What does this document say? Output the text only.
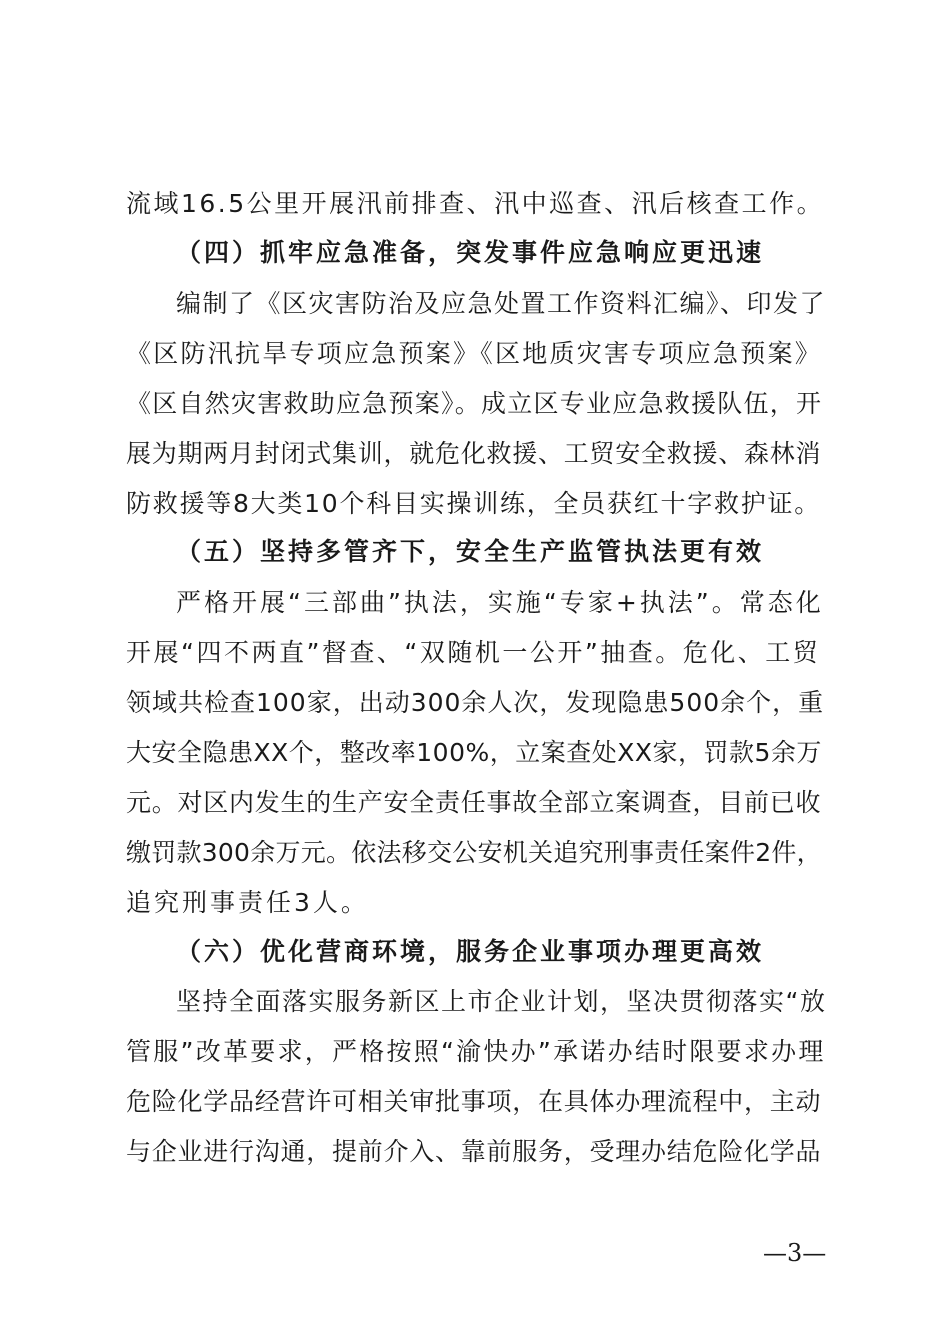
流域16.5公里开展汛前排查、汛中巡查、汛后核查工作。
（四）抓牢应急准备，突发事件应急响应更迅速
编制了《区灾害防治及应急处置工作资料汇编》、印发了
《区防汛抗旱专项应急预案》《区地质灾害专项应急预案》
《区自然灾害救助应急预案》。成立区专业应急救援队伍，开
展为期两月封闭式集训，就危化救援、工贸安全救援、森林消
防救援等8大类10个科目实操训练，全员获红十字救护证。
（五）坚持多管齐下，安全生产监管执法更有效
严格开展“三部曲”执法，实施“专家+执法”。常态化
开展“四不两直”督查、“双随机一公开”抽查。危化、工贸
领域共检查100家，出动300余人次，发现隐患500余个，重
大安全隐患XX个，整改率100%，立案查处XX家，罚款5余万
元。对区内发生的生产安全责任事故全部立案调查，目前已收
缴罚款300余万元。依法移交公安机关追究刑事责任案件2件，
追究刑事责任3人。
（六）优化营商环境，服务企业事项办理更高效
坚持全面落实服务新区上市企业计划，坚决贯彻落实“放
管服”改革要求，严格按照“渝快办”承诺办结时限要求办理
危险化学品经营许可相关审批事项，在具体办理流程中，主动
与企业进行沟通，提前介入、靠前服务，受理办结危险化学品
—3—
